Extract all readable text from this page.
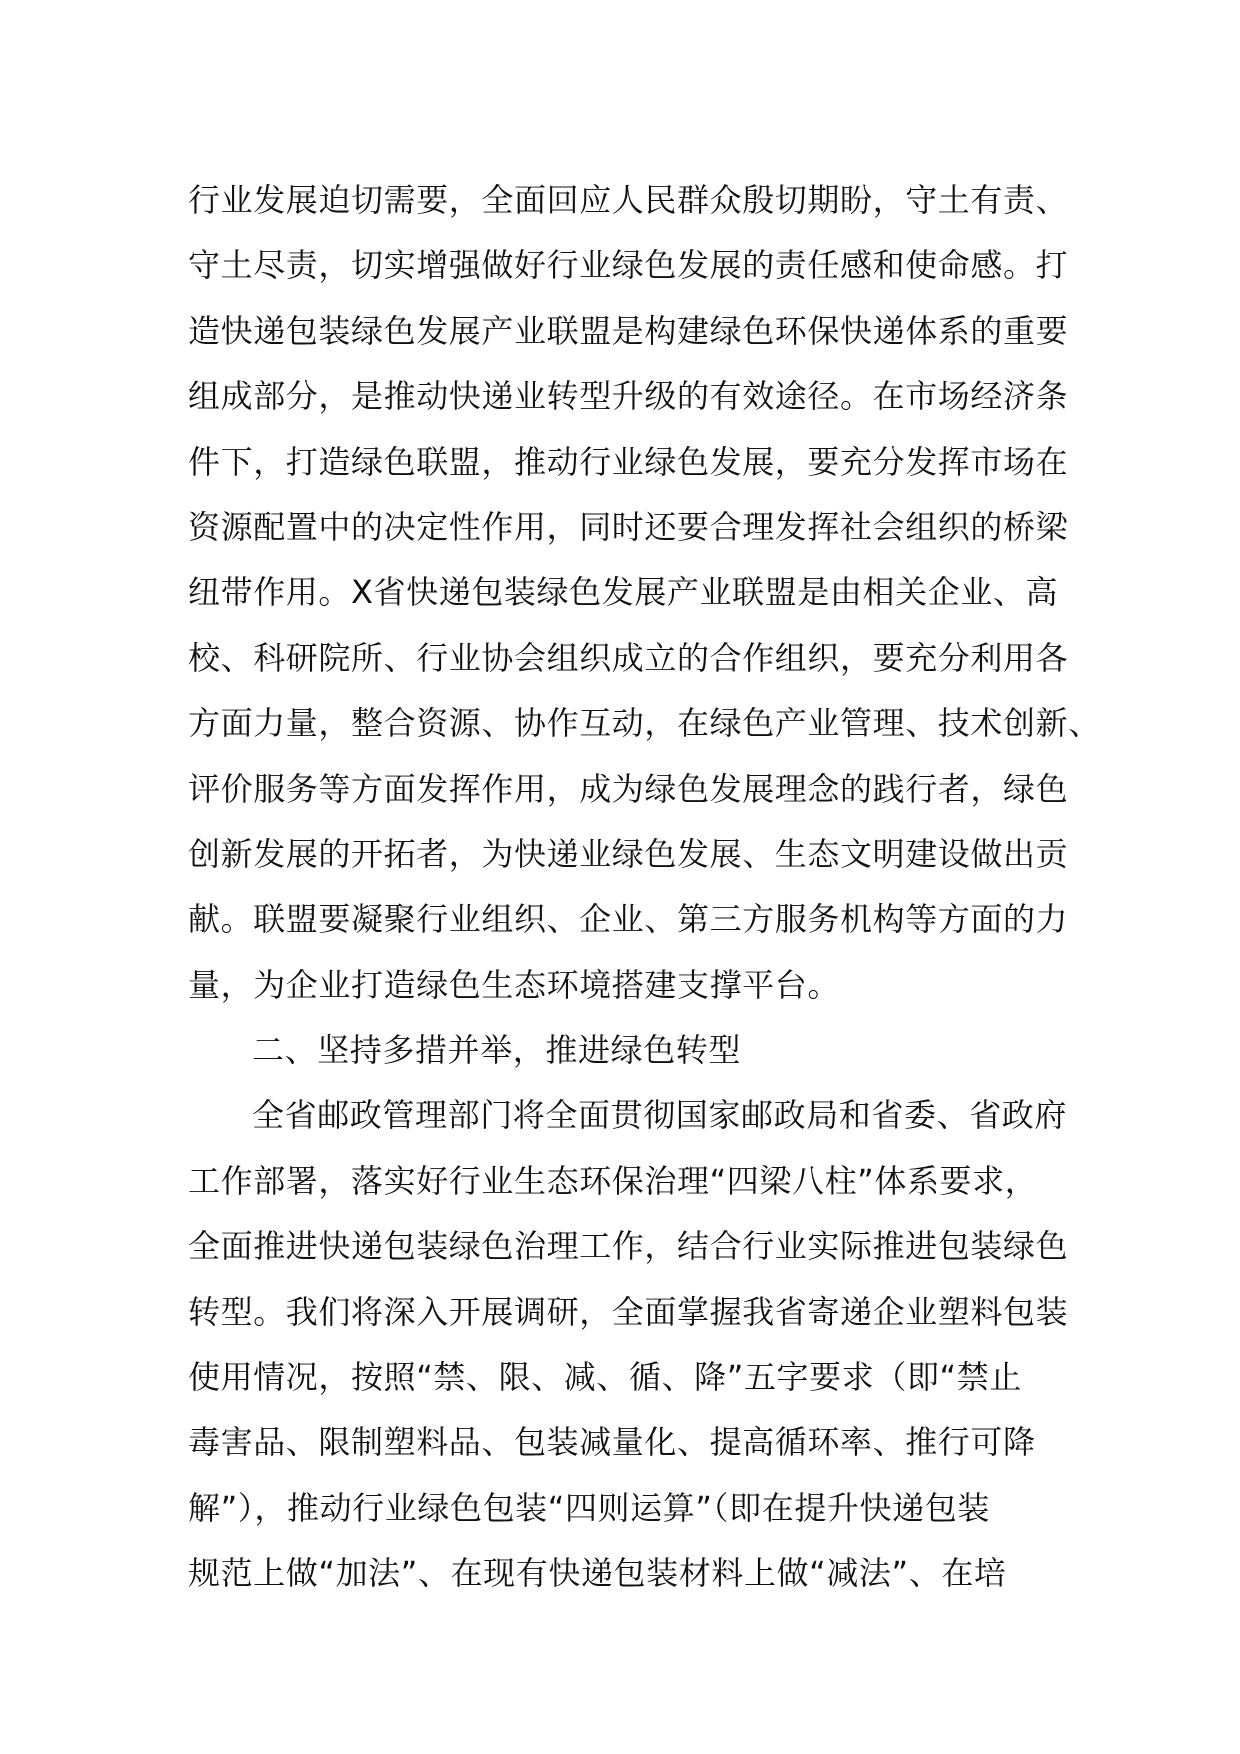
行业发展迫切需要，全面回应人民群众殷切期盼，守土有责、
守土尽责，切实增强做好行业绿色发展的责任感和使命感。打
造快递包装绿色发展产业联盟是构建绿色环保快递体系的重要
组成部分，是推动快递业转型升级的有效途径。在市场经济条
件下，打造绿色联盟，推动行业绿色发展，要充分发挥市场在
资源配置中的决定性作用，同时还要合理发挥社会组织的桥梁
纽带作用。X省快递包装绿色发展产业联盟是由相关企业、高
校、科研院所、行业协会组织成立的合作组织，要充分利用各
方面力量，整合资源、协作互动，在绿色产业管理、技术创新、
评价服务等方面发挥作用，成为绿色发展理念的践行者，绿色
创新发展的开拓者，为快递业绿色发展、生态文明建设做出贡
献。联盟要凝聚行业组织、企业、第三方服务机构等方面的力
量，为企业打造绿色生态环境搭建支撑平台。
二、坚持多措并举，推进绿色转型
全省邮政管理部门将全面贯彻国家邮政局和省委、省政府
工作部署，落实好行业生态环保治理“四梁八柱”体系要求，
全面推进快递包装绿色治理工作，结合行业实际推进包装绿色
转型。我们将深入开展调研，全面掌握我省寄递企业塑料包装
使用情况，按照“禁、限、减、循、降”五字要求（即“禁止
毒害品、限制塑料品、包装减量化、提高循环率、推行可降
解”），推动行业绿色包装“四则运算”（即在提升快递包装
规范上做“加法”、在现有快递包装材料上做“减法”、在培
